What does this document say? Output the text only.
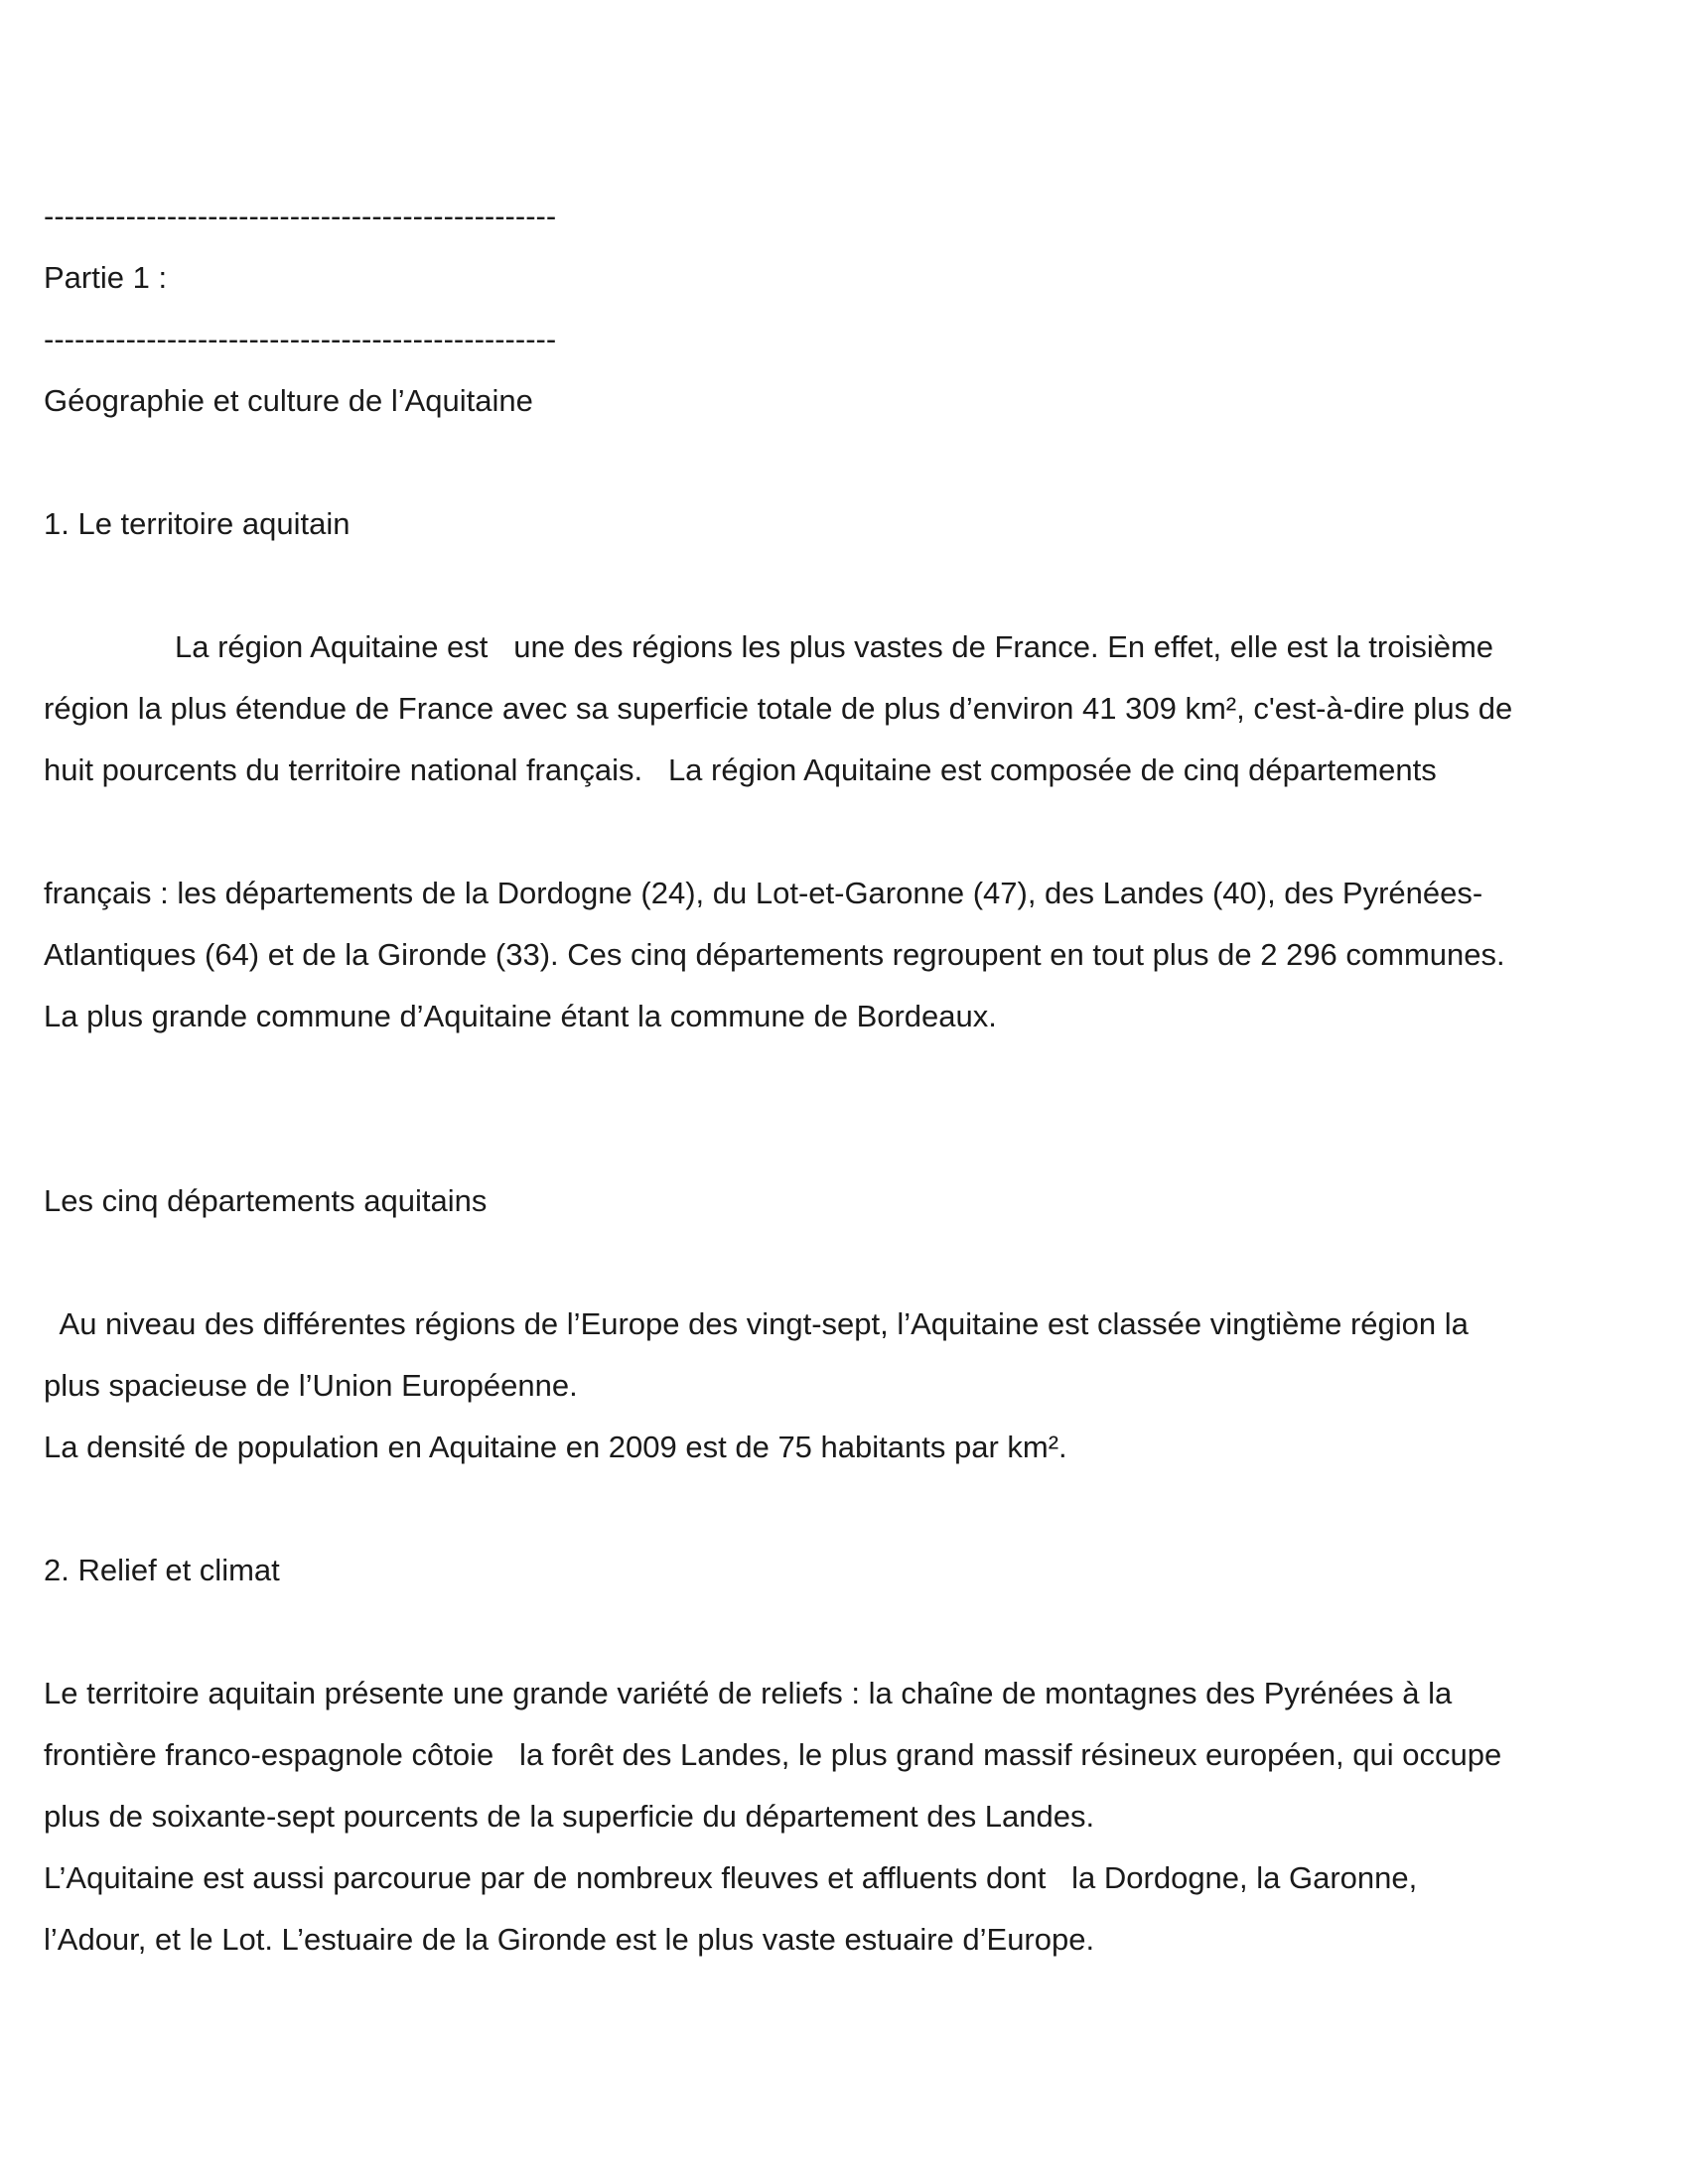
--------------------------------------------------
Partie 1 :
--------------------------------------------------
Géographie et culture de l’Aquitaine
1. Le territoire aquitain
La région Aquitaine est   une des régions les plus vastes de France. En effet, elle est la troisième
région la plus étendue de France avec sa superficie totale de plus d’environ 41 309 km², c'est-à-dire plus de
huit pourcents du territoire national français.   La région Aquitaine est composée de cinq départements
français : les départements de la Dordogne (24), du Lot-et-Garonne (47), des Landes (40), des Pyrénées-
Atlantiques (64) et de la Gironde (33). Ces cinq départements regroupent en tout plus de 2 296 communes.
La plus grande commune d’Aquitaine étant la commune de Bordeaux.
Les cinq départements aquitains
Au niveau des différentes régions de l’Europe des vingt-sept, l’Aquitaine est classée vingtième région la
plus spacieuse de l’Union Européenne.
La densité de population en Aquitaine en 2009 est de 75 habitants par km².
2. Relief et climat
Le territoire aquitain présente une grande variété de reliefs : la chaîne de montagnes des Pyrénées à la
frontière franco-espagnole côtoie   la forêt des Landes, le plus grand massif résineux européen, qui occupe
plus de soixante-sept pourcents de la superficie du département des Landes.
L’Aquitaine est aussi parcourue par de nombreux fleuves et affluents dont   la Dordogne, la Garonne,
l’Adour, et le Lot. L’estuaire de la Gironde est le plus vaste estuaire d’Europe.
